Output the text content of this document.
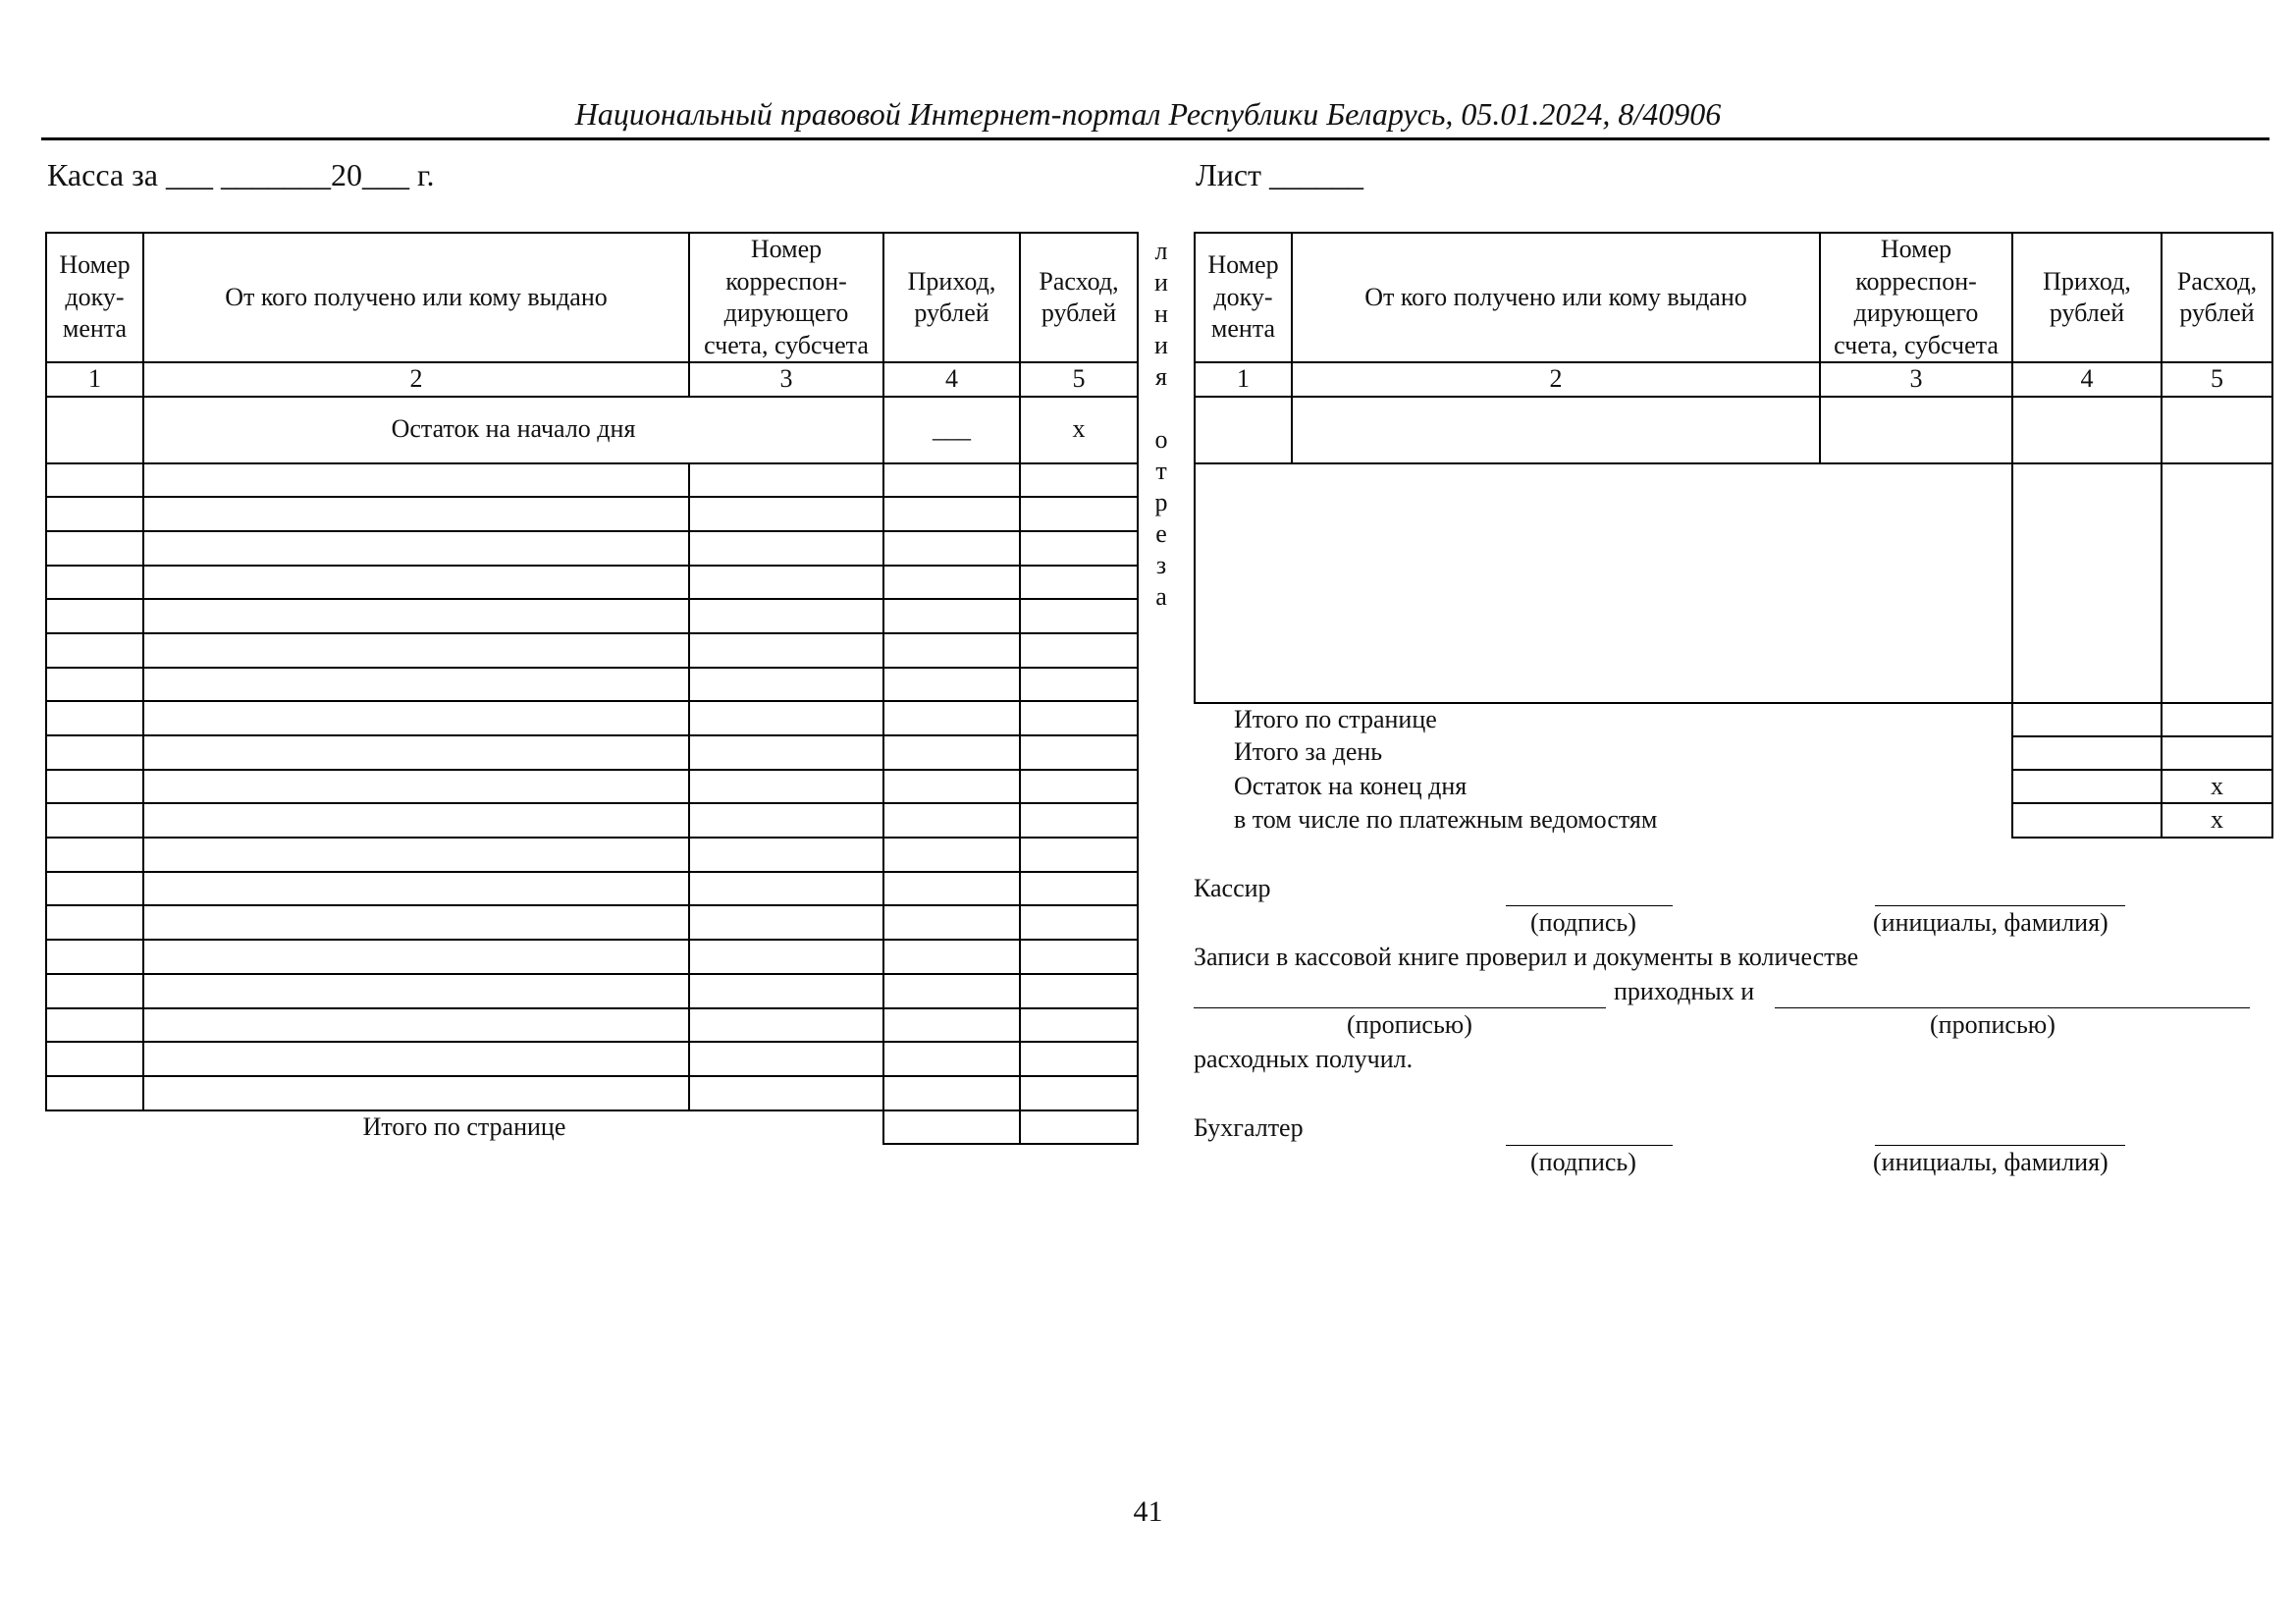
Национальный правовой Интернет-портал Республики Беларусь, 05.01.2024, 8/40906
Касса за ___ _______20___ г.
Номер доку-мента	От кого получено или кому выдано	Номер корреспон-дирующего счета, субсчета	Приход, рублей	Расход, рублей
1	2	3	4	5
	Остаток на начало дня		___	x

Итого по странице				
л
и
н
и
я
о
т
р
е
з
а
Лист ______
Номер доку-мента	От кого получено или кому выдано	Номер корреспон-дирующего счета, субсчета	Приход, рублей	Расход, рублей
1	2	3	4	5

Итого по странице				
Итого за день				
Остаток на конец дня				x
в том числе по платежным ведомостям				x
Кассир
(подпись)	(инициалы, фамилия)
Записи в кассовой книге проверил и документы в количестве
приходных и
(прописью)	(прописью)
расходных получил.
Бухгалтер
(подпись)	(инициалы, фамилия)
41
